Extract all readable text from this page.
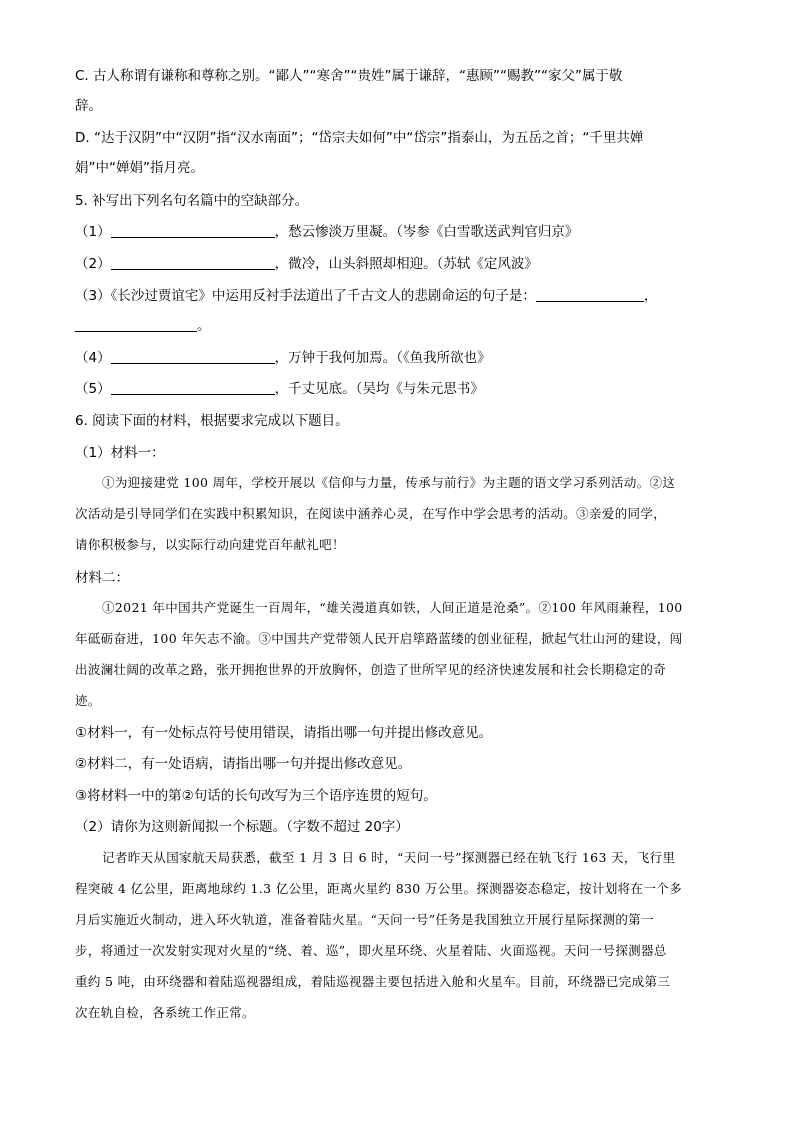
C. 古人称谓有谦称和尊称之别。“鄙人”“寒舍”“贵姓”属于谦辞，“惠顾”“赐教”“家父”属于敬
辞。
D. “达于汉阴”中“汉阴”指“汉水南面”；“岱宗夫如何”中“岱宗”指泰山，为五岳之首；“千里共婵
娟”中“婵娟”指月亮。
5. 补写出下列名句名篇中的空缺部分。
（1）	，愁云惨淡万里凝。（岑参《白雪歌送武判官归京》
（2）	，微冷，山头斜照却相迎。（苏轼《定风波》
（3）《长沙过贾谊宅》中运用反衬手法道出了千古文人的悲剧命运的句子是：	，
。
（4）	，万钟于我何加焉。（《鱼我所欲也》
（5）	，千丈见底。（吴均《与朱元思书》
6. 阅读下面的材料，根据要求完成以下题目。
（1）材料一：
①为迎接建党 100 周年，学校开展以《信仰与力量，传承与前行》为主题的语文学习系列活动。②这
次活动是引导同学们在实践中积累知识，在阅读中涵养心灵，在写作中学会思考的活动。③亲爱的同学，
请你积极参与，以实际行动向建党百年献礼吧！
材料二：
①2021 年中国共产党诞生一百周年，“雄关漫道真如铁，人间正道是沧桑”。②100 年风雨兼程，100
年砥砺奋进，100 年矢志不渝。③中国共产党带领人民开启筚路蓝缕的创业征程，掀起气壮山河的建设，闯
出波澜壮阔的改革之路，张开拥抱世界的开放胸怀，创造了世所罕见的经济快速发展和社会长期稳定的奇
迹。
①材料一，有一处标点符号使用错误，请指出哪一句并提出修改意见。
②材料二，有一处语病，请指出哪一句并提出修改意见。
③将材料一中的第②句话的长句改写为三个语序连贯的短句。
（2）请你为这则新闻拟一个标题。（字数不超过 20字）
记者昨天从国家航天局获悉，截至 1 月 3 日 6 时，“天问一号”探测器已经在轨飞行 163 天，飞行里
程突破 4 亿公里，距离地球约 1.3 亿公里，距离火星约 830 万公里。探测器姿态稳定，按计划将在一个多
月后实施近火制动，进入环火轨道，准备着陆火星。“天问一号”任务是我国独立开展行星际探测的第一
步，将通过一次发射实现对火星的“绕、着、巡”，即火星环绕、火星着陆、火面巡视。天问一号探测器总
重约 5 吨，由环绕器和着陆巡视器组成，着陆巡视器主要包括进入舱和火星车。目前，环绕器已完成第三
次在轨自检，各系统工作正常。
